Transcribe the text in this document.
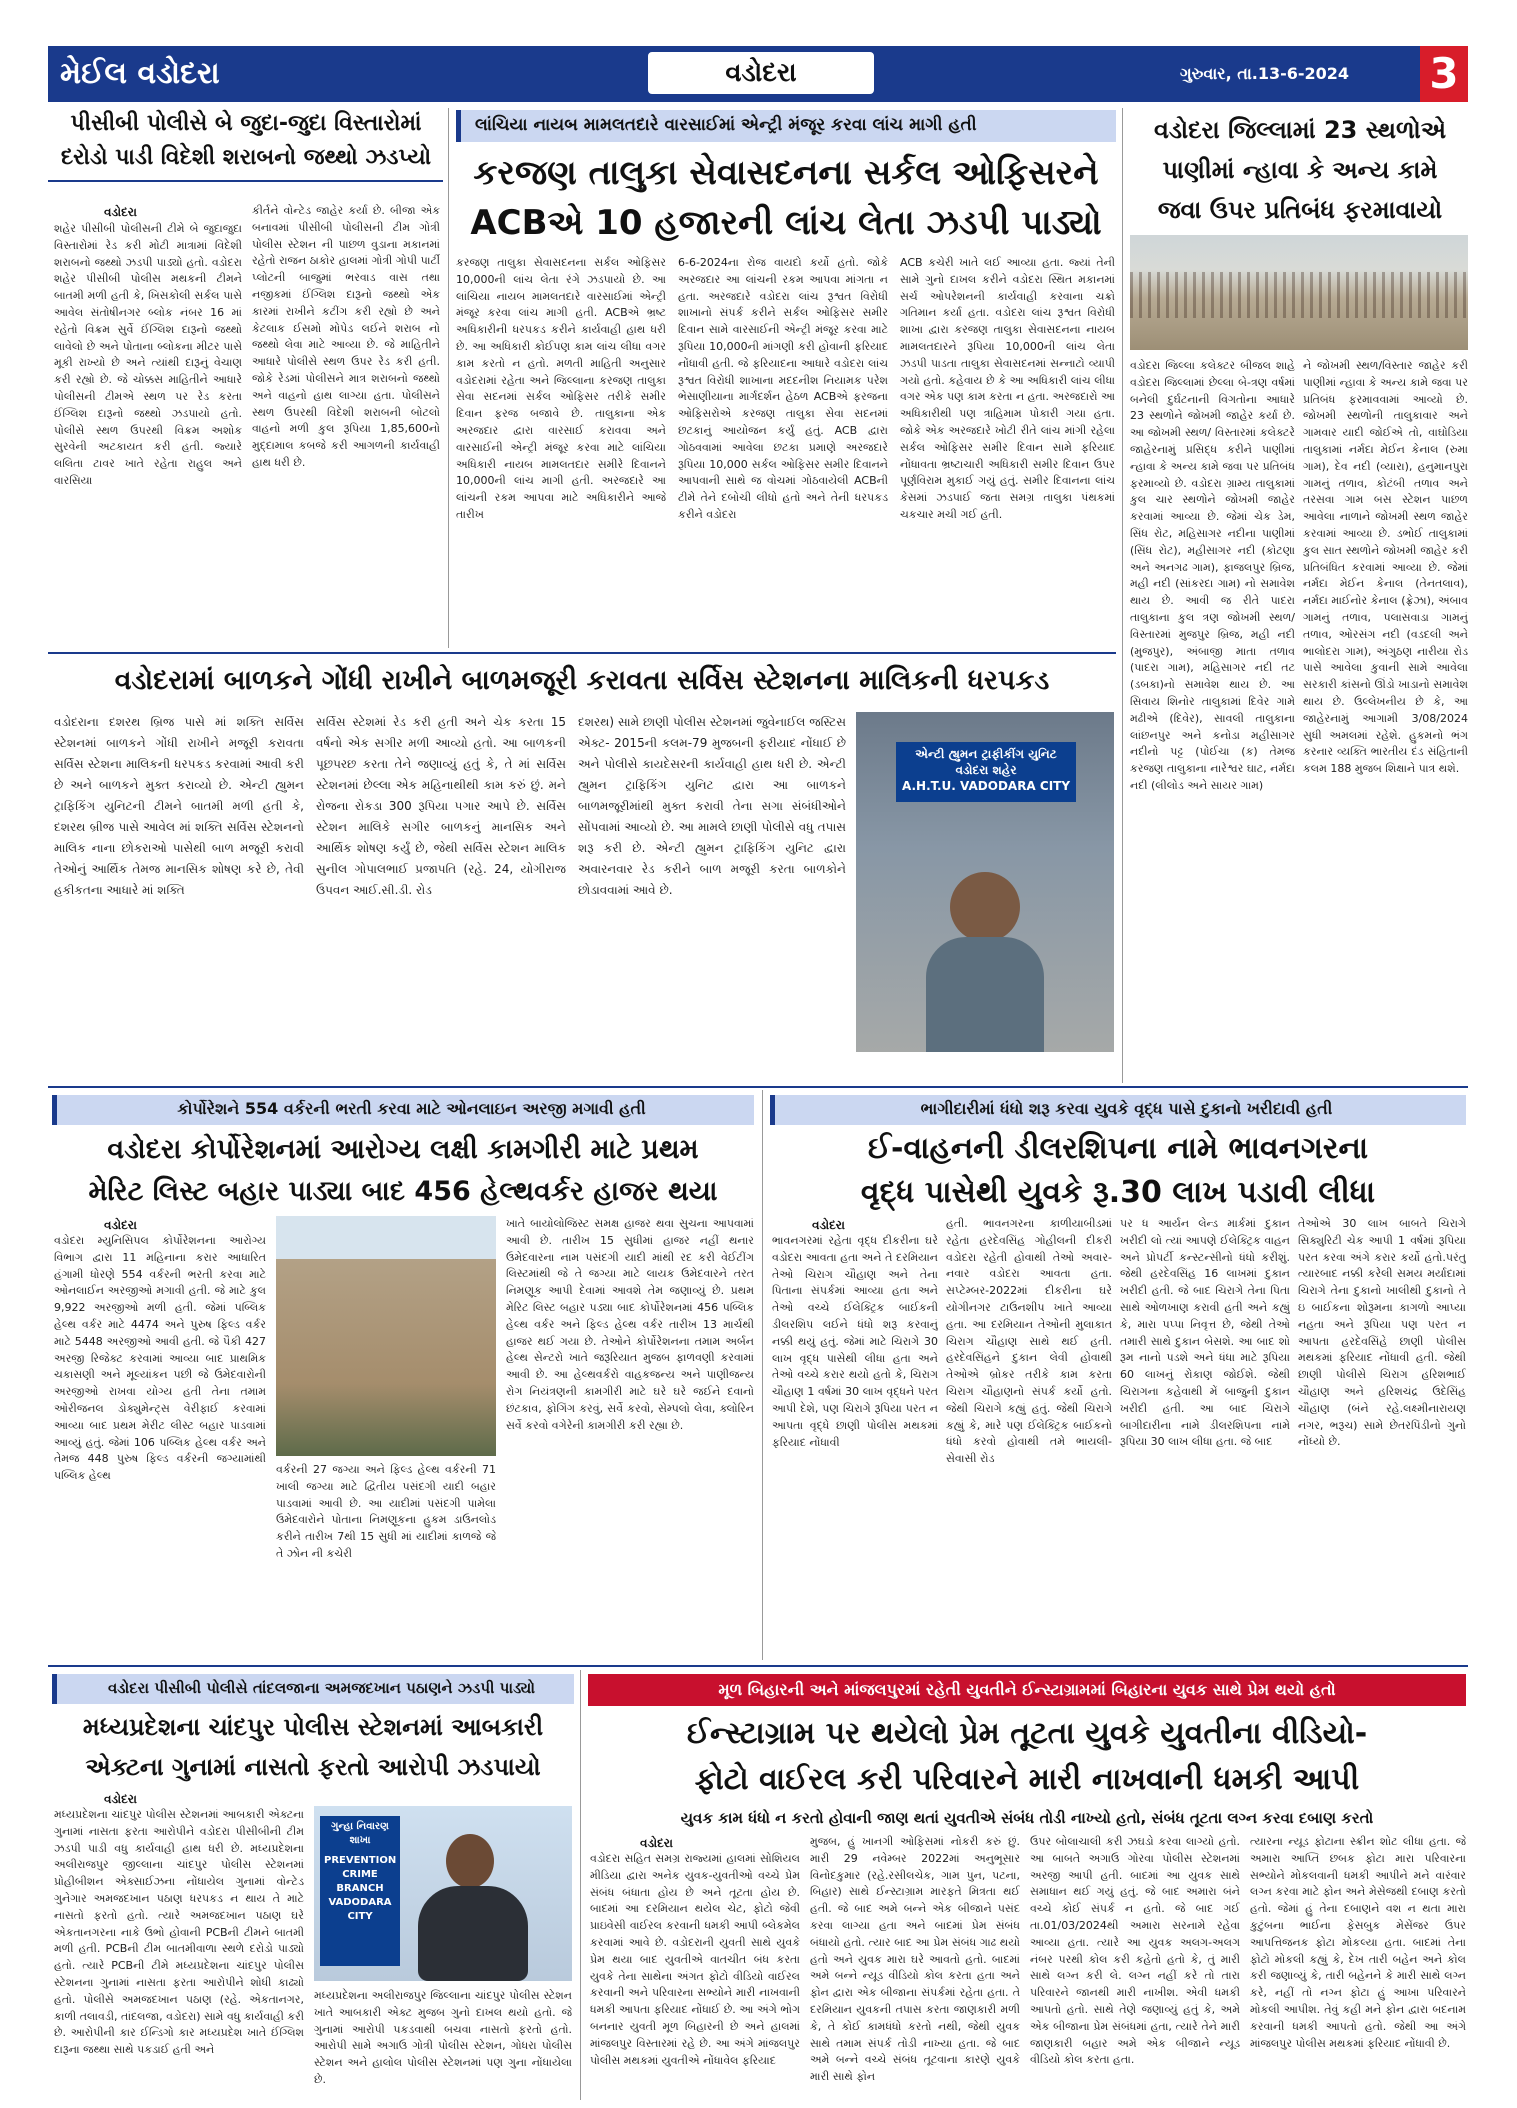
મેઈલ વડોદરા	વડોદરા	ગુરુવાર, તા.13-6-2024 3
પીસીબી પોલીસે બે જુદા-જુદા વિસ્તારોમાં
દરોડો પાડી વિદેશી શરાબનો જથ્થો ઝડપ્યો
વડોદરા
શહેર પીસીબી પોલીસની ટીમે બે જુદાજુદા વિસ્તારોમાં રેડ કરી મોટી માત્રામાં વિદેશી શરાબનો જથ્થો ઝડપી પાડ્યો હતો. વડોદરા શહેર પીસીબી પોલીસ મથકની ટીમને બાતમી મળી હતી કે, ખિસકોલી સર્કલ પાસે આવેલ સંતોષીનગર બ્લોક નંબર 16 માં રહેતો વિક્રમ સુર્વે ઈંગ્લિશ દારૂનો જથ્થો લાવેલો છે અને પોતાના બ્લોકના મીટર પાસે મૂકી રાખ્યો છે અને ત્યાંથી દારૂનું વેચાણ કરી રહ્યો છે. જે ચોક્કસ માહિતીને આધારે પોલીસની ટીમએ સ્થળ પર રેડ કરતા ઈંગ્લિશ દારૂનો જથ્થો ઝડપાયો હતો. પોલીસે સ્થળ ઉપરથી વિક્રમ અશોક સુરવેની અટકાયત કરી હતી. જ્યારે લલિતા ટાવર ખાતે રહેતા રાહુલ અને વારસિયા
કીર્તને વોન્ટેડ જાહેર કર્યા છે. બીજા એક બનાવમાં પીસીબી પોલીસની ટીમ ગોત્રી પોલીસ સ્ટેશન ની પાછળ વુડાના મકાનમાં રહેતો રાજન ઠાકોર હાલમાં ગોત્રી ગોપી પાર્ટી પ્લોટની બાજુમાં ભરવાડ વાસ તથા નજીકમાં ઈંગ્લિશ દારૂનો જથ્થો એક કારમાં રાખીને કટીંગ કરી રહ્યો છે અને કેટલાક ઈસમો મોપેડ લઈને શરાબ નો જથ્થો લેવા માટે આવ્યા છે. જે માહિતીને આધારે પોલીસે સ્થળ ઉપર રેડ કરી હતી. જોકે રેડમાં પોલીસને માત્ર શરાબનો જથ્થો અને વાહનો હાથ લાગ્યા હતા. પોલીસને સ્થળ ઉપરથી વિદેશી શરાબની બોટલો વાહનો મળી કુલ રૂપિયા 1,85,600નો મુદ્દામાલ કબજે કરી આગળની કાર્યવાહી હાથ ધરી છે.
લાંચિયા નાયબ મામલતદારે વારસાઈમાં એન્ટ્રી મંજૂર કરવા લાંચ માગી હતી
કરજણ તાલુકા સેવાસદનના સર્કલ ઓફિસરને
ACBએ 10 હજારની લાંચ લેતા ઝડપી પાડ્યો
કરજણ તાલુકા સેવાસદનના સર્કલ ઓફિસર 10,000ની લાંચ લેતા રંગે ઝડપાયો છે. આ લાંચિયા નાયબ મામલતદારે વારસાઈમાં એન્ટ્રી મંજૂર કરવા લાંચ માગી હતી. ACBએ ભ્રષ્ટ અધિકારીની ધરપકડ કરીને કાર્યવાહી હાથ ધરી છે. આ અધિકારી કોઈપણ કામ લાંચ લીધા વગર કામ કરતો ન હતો. મળતી માહિતી અનુસાર વડોદરામાં રહેતા અને જિલ્લાના કરજણ તાલુકા સેવા સદનમાં સર્કલ ઓફિસર તરીકે સમીર દિવાન ફરજ બજાવે છે. તાલુકાના એક અરજદાર દ્વારા વારસાઈ કરાવવા અને વારસાઈની એન્ટ્રી મંજૂર કરવા માટે લાંચિયા અધિકારી નાયબ મામલતદાર સમીરે દિવાનને 10,000ની લાંચ માગી હતી. અરજદારે આ લાંચની રકમ આપવા માટે અધિકારીને આજે તારીખ
6-6-2024ના રોજ વાયદો કર્યો હતો. જોકે અરજદાર આ લાંચની રકમ આપવા માંગતા ન હતા. અરજદારે વડોદરા લાંચ રૂશ્વત વિરોધી શાખાનો સંપર્ક કરીને સર્કલ ઓફિસર સમીર દિવાન સામે વારસાઈની એન્ટ્રી મંજૂર કરવા માટે રૂપિયા 10,000ની માંગણી કરી હોવાની ફરિયાદ નોંધાવી હતી. જે ફરિયાદના આધારે વડોદરા લાંચ રૂશ્વત વિરોધી શાખાના મદદનીશ નિયામક પરેશ ભેસાણીયાના માર્ગદર્શન હેઠળ ACBએ ફરજના ઓફિસરોએ કરજણ તાલુકા સેવા સદનમાં છટકાનું આયોજન કર્યું હતું. ACB દ્વારા ગોઠવવામાં આવેલા છટકા પ્રમાણે અરજદારે રૂપિયા 10,000 સર્કલ ઓફિસર સમીર દિવાનને આપવાની સાથે જ વોચમાં ગોઠવાયેલી ACBની ટીમે તેને દબોચી લીધો હતો અને તેની ધરપકડ કરીને વડોદરા
ACB કચેરી ખાતે લઈ આવ્યા હતા. જ્યાં તેની સામે ગુનો દાખલ કરીને વડોદરા સ્થિત મકાનમાં સર્ચ ઓપરેશનની કાર્યવાહી કરવાના ચક્રો ગતિમાન કર્યા હતા. વડોદરા લાંચ રૂશ્વત વિરોધી શાખા દ્વારા કરજણ તાલુકા સેવાસદનના નાયબ મામલતદારને રૂપિયા 10,000ની લાંચ લેતા ઝડપી પાડતા તાલુકા સેવાસદનમાં સન્નાટો વ્યાપી ગયો હતો. કહેવાય છે કે આ અધિકારી લાંચ લીધા વગર એક પણ કામ કરતા ન હતા. અરજદારો આ અધિકારીથી પણ ત્રાહિમામ પોકારી ગયા હતા. જોકે એક અરજદારે ખોટી રીતે લાંચ માંગી રહેલા સર્કલ ઓફિસર સમીર દિવાન સામે ફરિયાદ નોંધાવતા ભ્રષ્ટાચારી અધિકારી સમીર દિવાન ઉપર પૂર્ણવિરામ મુકાઈ ગયું હતું. સમીર દિવાનના લાંચ કેસમાં ઝડપાઈ જતા સમગ્ર તાલુકા પંથકમાં ચકચાર મચી ગઈ હતી.
વડોદરા જિલ્લામાં 23 સ્થળોએ
પાણીમાં ન્હાવા કે અન્ય કામે
જવા ઉપર પ્રતિબંધ ફરમાવાયો
વડોદરા જિલ્લા કલેક્ટર બીજલ શાહે વડોદરા જિલ્લામાં છેલ્લા બે-ત્રણ વર્ષમાં બનેલી દુર્ઘટનાની વિગતોના આધારે 23 સ્થળોને જોખમી જાહેર કર્યા છે. આ જોખમી સ્થળ/ વિસ્તારમાં કલેક્ટરે જાહેરનામું પ્રસિદ્ધ કરીને પાણીમાં ન્હાવા કે અન્ય કામે જવા પર પ્રતિબંધ ફરમાવ્યો છે. વડોદરા ગ્રામ્ય તાલુકામાં કુલ ચાર સ્થળોને જોખમી જાહેર કરવામાં આવ્યા છે. જેમાં ચેક ડેમ, સિંધ રોટ, મહિસાગર નદીના પાણીમાં (સિંધ રોટ), મહીસાગર નદી (કોટણા અને અનગઢ ગામ), ફાજલપુર બ્રિજ, મહી નદી (સાંકરદા ગામ) નો સમાવેશ થાય છે. આવી જ રીતે પાદરા તાલુકાના કુલ ત્રણ જોખમી સ્થળ/વિસ્તારમાં મુજપુર બ્રિજ, મહી નદી (મુજપુર), અંબાજી માતા તળાવ (પાદરા ગામ), મહિસાગર નદી તટ (ડબકા)નો સમાવેશ થાય છે. આ સિવાય શિનોર તાલુકામાં દિવેર ગામે મઢીએ (દિવેર), સાવલી તાલુકાના લાંછનપુર અને કનોડા મહીસાગર નદીનો પટ્ટ (પોઈચા (ક) તેમજ કરજણ તાલુકાના નારેશ્વર ઘાટ, નર્મદા નદી (લીલોડ અને સાયર ગામ)
ને જોખમી સ્થળ/વિસ્તાર જાહેર કરી પાણીમાં ન્હાવા કે અન્ય કામે જવા પર પ્રતિબંધ ફરમાવવામાં આવ્યો છે. જોખમી સ્થળોની તાલુકાવાર અને ગામવાર યાદી જોઈએ તો, વાઘોડિયા તાલુકામાં નર્મદા મેઈન કેનાલ (રુમા ગામ), દેવ નદી (વ્યારા), હનુમાનપુરા ગામનું તળાવ, કોટંબી તળાવ અને તરસવા ગામ બસ સ્ટેશન પાછળ આવેલા નાળાને જોખમી સ્થળ જાહેર કરવામાં આવ્યા છે. ડભોઈ તાલુકામાં કુલ સાત સ્થળોને જોખમી જાહેર કરી પ્રતિબંધિત કરવામાં આવ્યા છે. જેમાં નર્મદા મેઈન કેનાલ (તેનતલાવ), નર્મદા માઈનોર કેનાલ (ફ્રેઝા), અંબાવ ગામનું તળાવ, પલાસવાડા ગામનું તળાવ, ઓરસંગ નદી (વડદલી અને ભાલોદરા ગામ), અંગુઠણ નારીયા રોડ પાસે આવેલા કુવાની સામે આવેલા સરકારી કાંસનો ઊંડો ખાડાનો સમાવેશ થાય છે. ઉલ્લેખનીય છે કે, આ જાહેરનામું આગામી 3/08/2024 સુધી અમલમાં રહેશે. હુકમનો ભંગ કરનાર વ્યક્તિ ભારતીય દંડ સંહિતાની કલમ 188 મુજબ શિક્ષાને પાત્ર થશે.
વડોદરામાં બાળકને ગોંધી રાખીને બાળમજૂરી કરાવતા સર્વિસ સ્ટેશનના માલિકની ધરપકડ
વડોદરાના દશરથ બ્રિજ પાસે માં શક્તિ સર્વિસ સ્ટેશનમાં બાળકને ગોંધી રાખીને મજૂરી કરાવતા સર્વિસ સ્ટેશના માલિકની ધરપકડ કરવામાં આવી કરી છે અને બાળકને મુક્ત કરાવ્યો છે. એન્ટી હ્યુમન ટ્રાફિકિંગ યુનિટની ટીમને બાતમી મળી હતી કે, દશરથ બ્રીજ પાસે આવેલ માં શક્તિ સર્વિસ સ્ટેશનનો માલિક નાના છોકરાઓ પાસેથી બાળ મજૂરી કરાવી તેઓનું આર્થિક તેમજ માનસિક શોષણ કરે છે, તેવી હકીકતના આધારે માં શક્તિ
સર્વિસ સ્ટેશમાં રેડ કરી હતી અને ચેક કરતા 15 વર્ષનો એક સગીર મળી આવ્યો હતો. આ બાળકની પૂછપરછ કરતા તેને જણાવ્યું હતું કે, તે માં સર્વિસ સ્ટેશનમાં છેલ્લા એક મહિનાથીથી કામ કરું છું. મને રોજના રોકડા 300 રૂપિયા પગાર આપે છે. સર્વિસ સ્ટેશન માલિકે સગીર બાળકનું માનસિક અને આર્થિક શોષણ કર્યું છે, જેથી સર્વિસ સ્ટેશન માલિક સુનીલ ગોપાલભાઈ પ્રજાપતિ (રહે. 24, યોગીરાજ ઉપવન આઈ.સી.ડી. રોડ
દશરથ) સામે છાણી પોલીસ સ્ટેશનમાં જુવેનાઈલ જસ્ટિસ એક્ટ- 2015ની કલમ-79 મુજબની ફરીયાદ નોંધાઈ છે અને પોલીસે કાયદેસરની કાર્યવાહી હાથ ધરી છે. એન્ટી હ્યુમન ટ્રાફિકિંગ યુનિટ દ્વારા આ બાળકને બાળમજૂરીમાંથી મુક્ત કરાવી તેના સગા સંબંધીઓને સોંપવામાં આવ્યો છે. આ મામલે છાણી પોલીસે વધુ તપાસ શરૂ કરી છે. એન્ટી હ્યુમન ટ્રાફિકિંગ યુનિટ દ્વારા અવારનવાર રેડ કરીને બાળ મજૂરી કરતા બાળકોને છોડાવવામાં આવે છે.
એન્ટી હ્યુમન ટ્રાફીકીંગ યુનિટ
વડોદરા શહેર
A.H.T.U. VADODARA CITY
કોર્પોરેશને 554 વર્કરની ભરતી કરવા માટે ઓનલાઇન અરજી મગાવી હતી
વડોદરા કોર્પોરેશનમાં આરોગ્ય લક્ષી કામગીરી માટે પ્રથમ
મેરિટ લિસ્ટ બહાર પાડ્યા બાદ 456 હેલ્થવર્કર હાજર થયા
વડોદરા
વડોદરા મ્યુનિસિપલ કોર્પોરેશનના આરોગ્ય વિભાગ દ્વારા 11 મહિનાના કરાર આધારિત હંગામી ધોરણે 554 વર્કરની ભરતી કરવા માટે ઓનલાઈન અરજીઓ મગાવી હતી. જે માટે કુલ 9,922 અરજીઓ મળી હતી. જેમાં પબ્લિક હેલ્થ વર્કર માટે 4474 અને પુરુષ ફિલ્ડ વર્કર માટે 5448 અરજીઓ આવી હતી. જે પૈકી 427 અરજી રિજેક્ટ કરવામાં આવ્યા બાદ પ્રાથમિક ચકાસણી અને મૂલ્યાંકન પછી જે ઉમેદવારોની અરજીઓ રાખવા યોગ્ય હતી તેના તમામ ઓરીજનલ ડોક્યુમેન્ટ્સ વેરીફાઈ કરવામાં આવ્યા બાદ પ્રથમ મેરીટ લીસ્ટ બહાર પાડવામાં આવ્યું હતું. જેમાં 106 પબ્લિક હેલ્થ વર્કર અને તેમજ 448 પુરુષ ફિલ્ડ વર્કરની જગ્યામાંથી પબ્લિક હેલ્થ	વર્કરની 27 જગ્યા અને ફિલ્ડ હેલ્થ વર્કરની 71 ખાલી જગ્યા માટે દ્વિતીય પસંદગી યાદી બહાર પાડવામાં આવી છે. આ યાદીમાં પસંદગી પામેલા ઉમેદવારોને પોતાના નિમણૂકના હુકમ ડાઉનલોડ કરીને તારીખ 7થી 15 સુધી માં યાદીમાં કાળજે જે તે ઝોન ની કચેરી
ખાતે બાયોલોજિસ્ટ સમક્ષ હાજર થવા સુચના આપવામાં આવી છે. તારીખ 15 સુધીમાં હાજર નહીં થનાર ઉમેદવારના નામ પસંદગી યાદી માંથી રદ કરી વેઈટીંગ લિસ્ટમાંથી જે તે જગ્યા માટે લાયક ઉમેદવારને તરત નિમણૂક આપી દેવામાં આવશે તેમ જણાવ્યું છે. પ્રથમ મેરિટ લિસ્ટ બહાર પડ્યા બાદ કોર્પોરેશનમાં 456 પબ્લિક હેલ્થ વર્કર અને ફિલ્ડ હેલ્થ વર્કર તારીખ 13 માર્ચથી હાજર થઈ ગયા છે. તેઓને કોર્પોરેશનના તમામ અર્બન હેલ્થ સેન્ટરો ખાતે જરૂરિયાત મુજબ ફાળવણી કરવામાં આવી છે. આ હેલ્થવર્કરો વાહકજન્ય અને પાણીજન્ય રોગ નિયંત્રણની કામગીરી માટે ઘરે ઘરે જઈને દવાનો છંટકાવ, ફોગિંગ કરવું, સર્વે કરવો, સેમ્પલો લેવા, ક્લોરિન સર્વે કરવો વગેરેની કામગીરી કરી રહ્યા છે.
ભાગીદારીમાં ધંધો શરૂ કરવા યુવકે વૃદ્ધ પાસે દુકાનો ખરીદાવી હતી
ઈ-વાહનની ડીલરશિપના નામે ભાવનગરના
વૃદ્ધ પાસેથી યુવકે રૂ.30 લાખ પડાવી લીધા
વડોદરા
ભાવનગરમાં રહેતા વૃદ્ધ દીકરીના ઘરે વડોદરા આવતા હતા અને તે દરમિયાન તેઓ ચિરાગ ચૌહાણ અને તેના પિતાના સંપર્કમાં આવ્યા હતા અને તેઓ વચ્ચે ઈલેક્ટ્રિક બાઈકની ડીલરશિપ લઈને ધંધો શરૂ કરવાનું નક્કી થયું હતું. જેમાં માટે ચિરાગે 30 લાખ વૃદ્ધ પાસેથી લીધા હતા અને તેઓ વચ્ચે કરાર થયો હતો કે, ચિરાગ ચૌહાણ 1 વર્ષમાં 30 લાખ વૃદ્ધને પરત આપી દેશે, પણ ચિરાગે રૂપિયા પરત ન આપતા વૃદ્ધે છાણી પોલીસ મથકમાં ફરિયાદ નોંધાવી
હતી. ભાવનગરના કાળીયાબીડમાં રહેતા હરદેવસિંહ ગોહીલની દીકરી વડોદરા રહેતી હોવાથી તેઓ અવાર-નવાર વડોદરા આવતા હતા. સપ્ટેમ્બર-2022માં દીકરીના ઘરે યોગીનગર ટાઉનશીપ ખાતે આવ્યા હતા. આ દરમિયાન તેઓની મુલાકાત ચિરાગ ચૌહાણ સાથે થઈ હતી. હરદેવસિંહને દુકાન લેવી હોવાથી તેઓએ બ્રોકર તરીકે કામ કરતા ચિરાગ ચૌહાણનો સંપર્ક કર્યો હતો. જેથી ચિરાગે કહ્યું હતું. જેથી ચિરાગે કહ્યું કે, મારે પણ ઈલેક્ટ્રિક બાઈકનો ધંધો કરવો હોવાથી તમે ભાયલી-સેવાસી રોડ
પર ધ આર્યન લેન્ડ માર્કમાં દુકાન ખરીદી લો ત્યાં આપણે ઈલેક્ટ્રિક વાહન અને પ્રોપર્ટી કન્સ્ટન્સીનો ધંધો કરીશું. જેથી હરદેવસિંહ 16 લાખમાં દુકાન ખરીદી હતી. જે બાદ ચિરાગે તેના પિતા સાથે ઓળખાણ કરાવી હતી અને કહ્યું કે, મારા પપ્પા નિવૃત્ત છે, જેથી તેઓ તમારી સાથે દુકાન બેસશે. આ બાદ શો રૂમ નાનો પડશે અને ધંધા માટે રૂપિયા 60 લાખનું રોકાણ જોઈશે. જેથી ચિરાગના કહેવાથી મેં બાજુની દુકાન ખરીદી હતી. આ બાદ ચિરાગે બાગીદારીના નામે ડીલરશિપના નામે રૂપિયા 30 લાખ લીધા હતા. જે બાદ
તેઓએ 30 લાખ બાબતે ચિરાગે સિક્યુરિટી ચેક આપી 1 વર્ષમાં રૂપિયા પરત કરવા અંગે કરાર કર્યો હતો.પરંતુ ત્યારબાદ નક્કી કરેલી સમય મર્યાદામાં ચિરાગે તેના દુકાનો ખાલીથી દુકાનો તે ઇ બાઈકના શોરૂમના કાગળો આપ્યા નહતા અને રૂપિયા પણ પરત ન આપતા હરદેવસિંહે છાણી પોલીસ મથકમાં ફરિયાદ નોંધાવી હતી. જેથી છાણી પોલીસે ચિરાગ હરિશભાઈ ચૌહાણ અને હરિશચંદ્ર ઉદેસિંહ ચૌહાણ (બંને રહે.લક્ષ્મીનારાયણ નગર, ભરૂચ) સામે છેતરપિંડીનો ગુનો નોંધ્યો છે.
વડોદરા પીસીબી પોલીસે તાંદલજાના અમજદખાન પઠાણને ઝડપી પાડ્યો
મધ્યપ્રદેશના ચાંદપુર પોલીસ સ્ટેશનમાં આબકારી
એક્ટના ગુનામાં નાસતો ફરતો આરોપી ઝડપાયો
વડોદરા
મધ્યપ્રદેશના ચાંદપુર પોલીસ સ્ટેશનમાં આબકારી એક્ટના ગુનામાં નાસતા ફરતા આરોપીને વડોદરા પીસીબીની ટીમ ઝડપી પાડી વધુ કાર્યવાહી હાથ ધરી છે. મધ્યપ્રદેશના અલીરાજપુર જીલ્લાના ચાંદપુર પોલીસ સ્ટેશનમાં પ્રોહીબીશન એક્સાઈઝના નોંધાયેલ ગુનામાં વોન્ટેડ ગુનેગાર અમજદખાન પઠાણ ધરપકડ ન થાય તે માટે નાસતો ફરતો હતો. ત્યારે અમજદખાન પઠાણ ઘરે એકતાનગરના નાકે ઉભો હોવાની PCBની ટીમને બાતમી મળી હતી. PCBની ટીમ બાતમીવાળા સ્થળે દરોડો પાડ્યો હતો. ત્યારે PCBની ટીમે મધ્યપ્રદેશના ચાંદપુર પોલીસ સ્ટેશનના ગુનામાં નાસતા ફરતા આરોપીને શોધી કાઢ્યો હતો. પોલીસે અમજદખાન પઠાણ (રહે. એકતાનગર, કાળી તલાવડી, તાંદલજા, વડોદરા) સામે વધુ કાર્યવાહી કરી છે. આરોપીની કાર ઈન્ડિગો કાર મધ્યપ્રદેશ ખાતે ઈંગ્લિશ દારૂના જથ્થા સાથે પકડાઈ હતી અને
ગુન્હા નિવારણ શાખા
PREVENTION CRIME BRANCH VADODARA CITY
મધ્યપ્રદેશના અલીરાજપુર જિલ્લાના ચાંદપુર પોલીસ સ્ટેશન ખાતે આબકારી એક્ટ મુજબ ગુનો દાખલ થયો હતો. જે ગુનામાં આરોપી પકડવાથી બચવા નાસતો ફરતો હતો. આરોપી સામે અગાઉ ગોત્રી પોલીસ સ્ટેશન, ગોધરા પોલીસ સ્ટેશન અને હાલોલ પોલીસ સ્ટેશનમાં પણ ગુના નોંધાયેલા છે.
મૂળ બિહારની અને માંજલપુરમાં રહેતી યુવતીને ઈન્સ્ટાગ્રામમાં બિહારના યુવક સાથે પ્રેમ થયો હતો
ઈન્સ્ટાગ્રામ પર થયેલો પ્રેમ તૂટતા યુવકે યુવતીના વીડિયો-
ફોટો વાઈરલ કરી પરિવારને મારી નાખવાની ધમકી આપી
યુવક કામ ધંધો ન કરતો હોવાની જાણ થતાં યુવતીએ સંબંધ તોડી નાખ્યો હતો, સંબંધ તૂટતા લગ્ન કરવા દબાણ કરતો
વડોદરા
વડોદરા સહિત સમગ્ર રાજ્યમાં હાલમાં સોશિયલ મીડિયા દ્વારા અનેક યુવક-યુવતીઓ વચ્ચે પ્રેમ સંબંધ બંધાતા હોય છે અને તૂટતા હોય છે. બાદમાં આ દરમિયાન થયેલ ચેટ, ફોટો જેવી પ્રાઇવેસી વાઈરલ કરવાની ધમકી આપી બ્લેકમેલ કરવામાં આવે છે. વડોદરાની યુવતી સાથે યુવકે પ્રેમ થયા બાદ યુવતીએ વાતચીત બંધ કરતા યુવકે તેના સાથેના અંગત ફોટો વીડિયો વાઈરલ કરવાની અને પરિવારના સભ્યોને મારી નાખવાની ધમકી આપતા ફરિયાદ નોંધાઈ છે. આ અંગે ભોગ બનનાર યુવતી મૂળ બિહારની છે અને હાલમાં માંજલપુર વિસ્તારમાં રહે છે. આ અંગે માંજલપુર પોલીસ મથકમાં યુવતીએ નોંધાવેલ ફરિયાદ
મુજબ, હું ખાનગી ઓફિસમાં નોકરી કરું છું. મારી 29 નવેમ્બર 2022માં અનુભૂસાર વિનોદકુમાર (રહે.રસીલચેક, ગામ પુન, પટના, બિહાર) સાથે ઈન્સ્ટાગ્રામ મારફતે મિત્રતા થઈ હતી. જે બાદ અમે બન્ને એક બીજાને પસંદ કરવા લાગ્યા હતા અને બાદમાં પ્રેમ સંબંધ બંધાયો હતો. ત્યાર બાદ આ પ્રેમ સંબંધ ગાઢ થયો હતો અને યુવક મારા ઘરે આવતો હતો. બાદમાં અમે બન્ને ન્યૂડ વીડિયો કોલ કરતા હતા અને ફોન દ્વારા એક બીજાના સંપર્કમાં રહેતા હતા. તે દરમિયાન યુવકની તપાસ કરતા જાણકારી મળી કે, તે કોઈ કામધંધો કરતો નથી, જેથી યુવક સાથે તમામ સંપર્ક તોડી નાખ્યા હતા. જે બાદ અમે બન્ને વચ્ચે સંબંધ તૂટવાના કારણે યુવકે મારી સાથે ફોન
ઉપર બોલાચાલી કરી ઝઘડો કરવા લાગ્યો હતો. આ બાબતે અગાઉ ગોરવા પોલીસ સ્ટેશનમાં અરજી આપી હતી. બાદમાં આ યુવક સાથે સમાધાન થઈ ગયું હતું. જે બાદ અમારા બંને વચ્ચે કોઈ સંપર્ક ન હતો. જે બાદ ગઈ તા.01/03/2024થી અમારા સરનામે રહેવા આવ્યા હતા. ત્યારે આ યુવક અલગ-અલગ નંબર પરથી કોલ કરી કહેતો હતો કે, તું મારી સાથે લગ્ન કરી લે. લગ્ન નહીં કરે તો તારા પરિવારને જાનથી મારી નાખીશ. એવી ધમકી આપતો હતો. સાથે તેણે જણાવ્યું હતું કે, અમે એક બીજાના પ્રેમ સંબંધમાં હતા, ત્યારે તેને મારી જાણકારી બહાર અમે એક બીજાને ન્યૂડ વીડિયો કોલ કરતા હતા.
ત્યારના ન્યૂડ ફોટાના સ્ક્રીન શોટ લીધા હતા. જે અમારા આપ્તિ છબક ફોટા મારા પરિવારના સભ્યોને મોકલવાની ધમકી આપીને મને વારંવાર લગ્ન કરવા માટે ફોન અને મેસેજથી દબાણ કરતો હતો. જેમાં હું તેના દબાણને વશ ન થતા મારા કુટુંબના ભાઈના ફેસબુક મેસેંજર ઉપર આપત્તિજનક ફોટા મોકલ્યા હતા. બાદમાં તેના ફોટો મોકલી કહ્યું કે, દેખ તારી બહેન અને કોલ કરી જણાવ્યું કે, તારી બહેનને કે મારી સાથે લગ્ન કરે, નહીં તો નગ્ન ફોટા હું આખા પરિવારને મોકલી આપીશ. તેવું કહી મને ફોન દ્વારા બદનામ કરવાની ધમકી આપતો હતો. જેથી આ અંગે માંજલપુર પોલીસ મથકમાં ફરિયાદ નોંધાવી છે.
